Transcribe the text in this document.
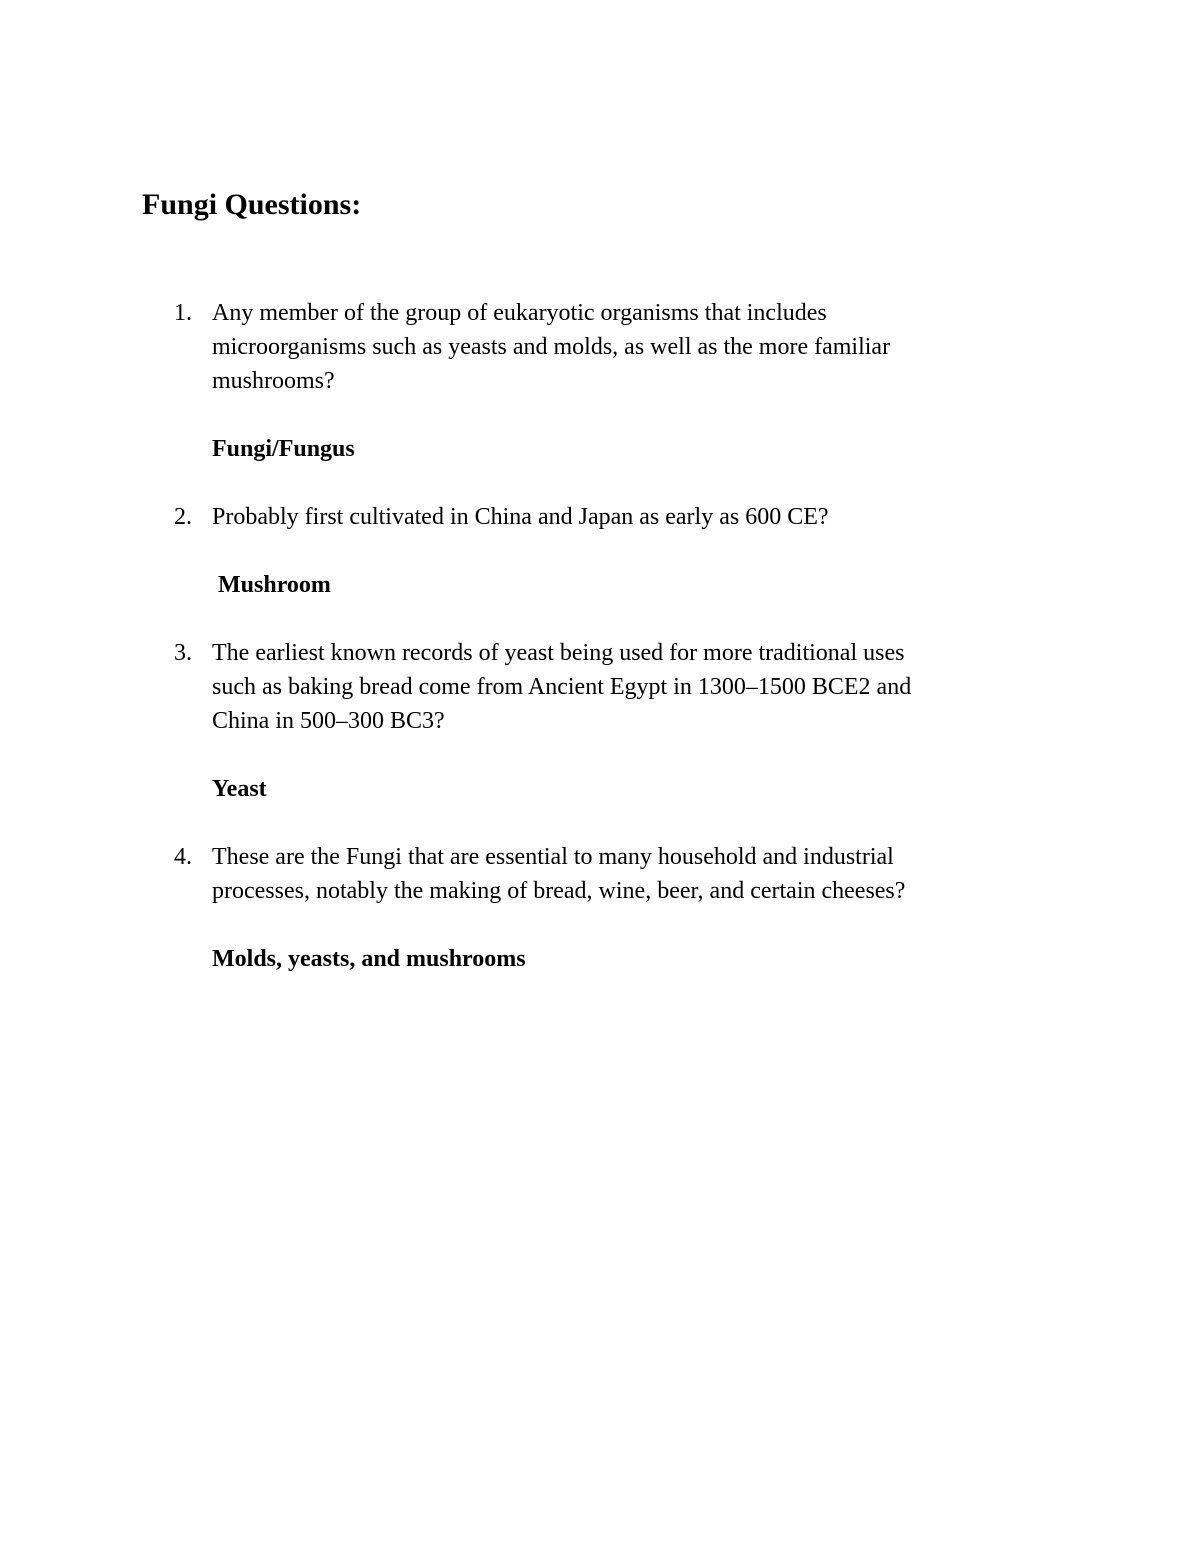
Fungi Questions:
1. Any member of the group of eukaryotic organisms that includes
microorganisms such as yeasts and molds, as well as the more familiar
mushrooms?
Fungi/Fungus
2. Probably first cultivated in China and Japan as early as 600 CE?
Mushroom
3. The earliest known records of yeast being used for more traditional uses
such as baking bread come from Ancient Egypt in 1300–1500 BCE2 and
China in 500–300 BC3?
Yeast
4. These are the Fungi that are essential to many household and industrial
processes, notably the making of bread, wine, beer, and certain cheeses?
Molds, yeasts, and mushrooms
